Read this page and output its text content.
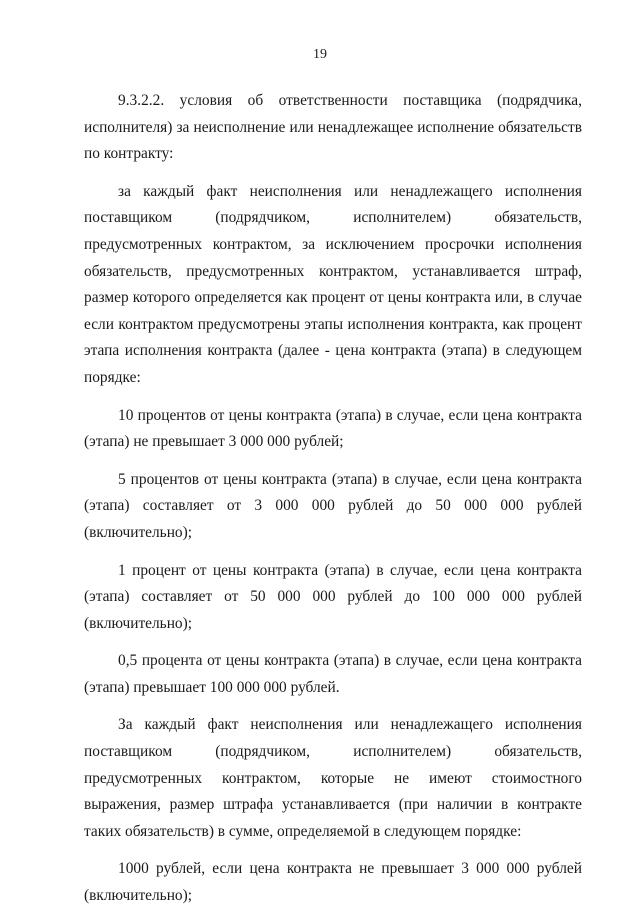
19

9.3.2.2. условия об ответственности поставщика (подрядчика, исполнителя) за неисполнение или ненадлежащее исполнение обязательств по контракту:

за каждый факт неисполнения или ненадлежащего исполнения поставщиком (подрядчиком, исполнителем) обязательств, предусмотренных контрактом, за исключением просрочки исполнения обязательств, предусмотренных контрактом, устанавливается штраф, размер которого определяется как процент от цены контракта или, в случае если контрактом предусмотрены этапы исполнения контракта, как процент этапа исполнения контракта (далее - цена контракта (этапа) в следующем порядке:

10 процентов от цены контракта (этапа) в случае, если цена контракта (этапа) не превышает 3 000 000 рублей;

5 процентов от цены контракта (этапа) в случае, если цена контракта (этапа) составляет от 3 000 000 рублей до 50 000 000 рублей (включительно);

1 процент от цены контракта (этапа) в случае, если цена контракта (этапа) составляет от 50 000 000 рублей до 100 000 000 рублей (включительно);

0,5 процента от цены контракта (этапа) в случае, если цена контракта (этапа) превышает 100 000 000 рублей.

За каждый факт неисполнения или ненадлежащего исполнения поставщиком (подрядчиком, исполнителем) обязательств, предусмотренных контрактом, которые не имеют стоимостного выражения, размер штрафа устанавливается (при наличии в контракте таких обязательств) в сумме, определяемой в следующем порядке:

1000 рублей, если цена контракта не превышает 3 000 000 рублей (включительно);
